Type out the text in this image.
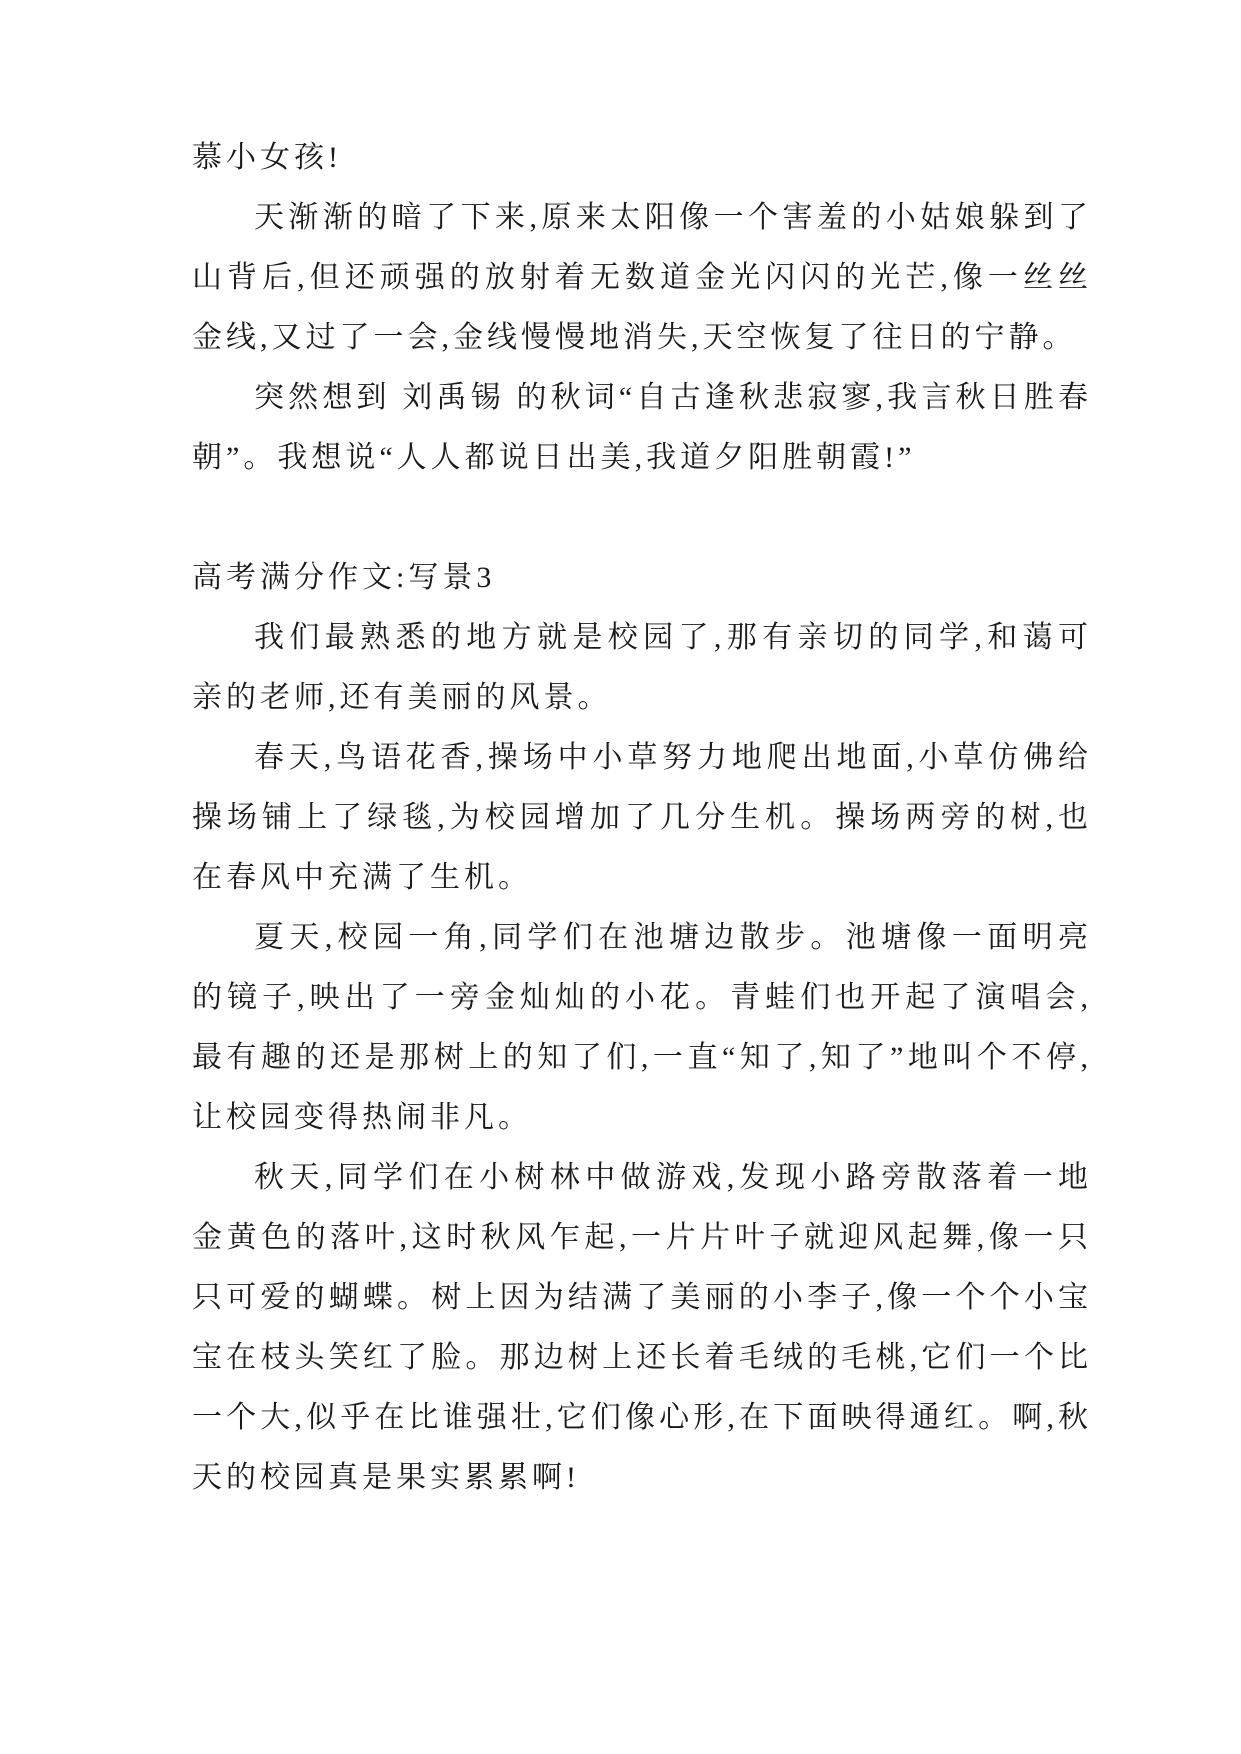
慕小女孩!

天渐渐的暗了下来,原来太阳像一个害羞的小姑娘躲到了山背后,但还顽强的放射着无数道金光闪闪的光芒,像一丝丝金线,又过了一会,金线慢慢地消失,天空恢复了往日的宁静。

突然想到 刘禹锡 的秋词“自古逢秋悲寂寥,我言秋日胜春朝”。我想说“人人都说日出美,我道夕阳胜朝霞!”

高考满分作文:写景3

我们最熟悉的地方就是校园了,那有亲切的同学,和蔼可亲的老师,还有美丽的风景。

春天,鸟语花香,操场中小草努力地爬出地面,小草仿佛给操场铺上了绿毯,为校园增加了几分生机。操场两旁的树,也在春风中充满了生机。

夏天,校园一角,同学们在池塘边散步。池塘像一面明亮的镜子,映出了一旁金灿灿的小花。青蛙们也开起了演唱会,最有趣的还是那树上的知了们,一直“知了,知了”地叫个不停,让校园变得热闹非凡。

秋天,同学们在小树林中做游戏,发现小路旁散落着一地金黄色的落叶,这时秋风乍起,一片片叶子就迎风起舞,像一只只可爱的蝴蝶。树上因为结满了美丽的小李子,像一个个小宝宝在枝头笑红了脸。那边树上还长着毛绒的毛桃,它们一个比一个大,似乎在比谁强壮,它们像心形,在下面映得通红。啊,秋天的校园真是果实累累啊!
